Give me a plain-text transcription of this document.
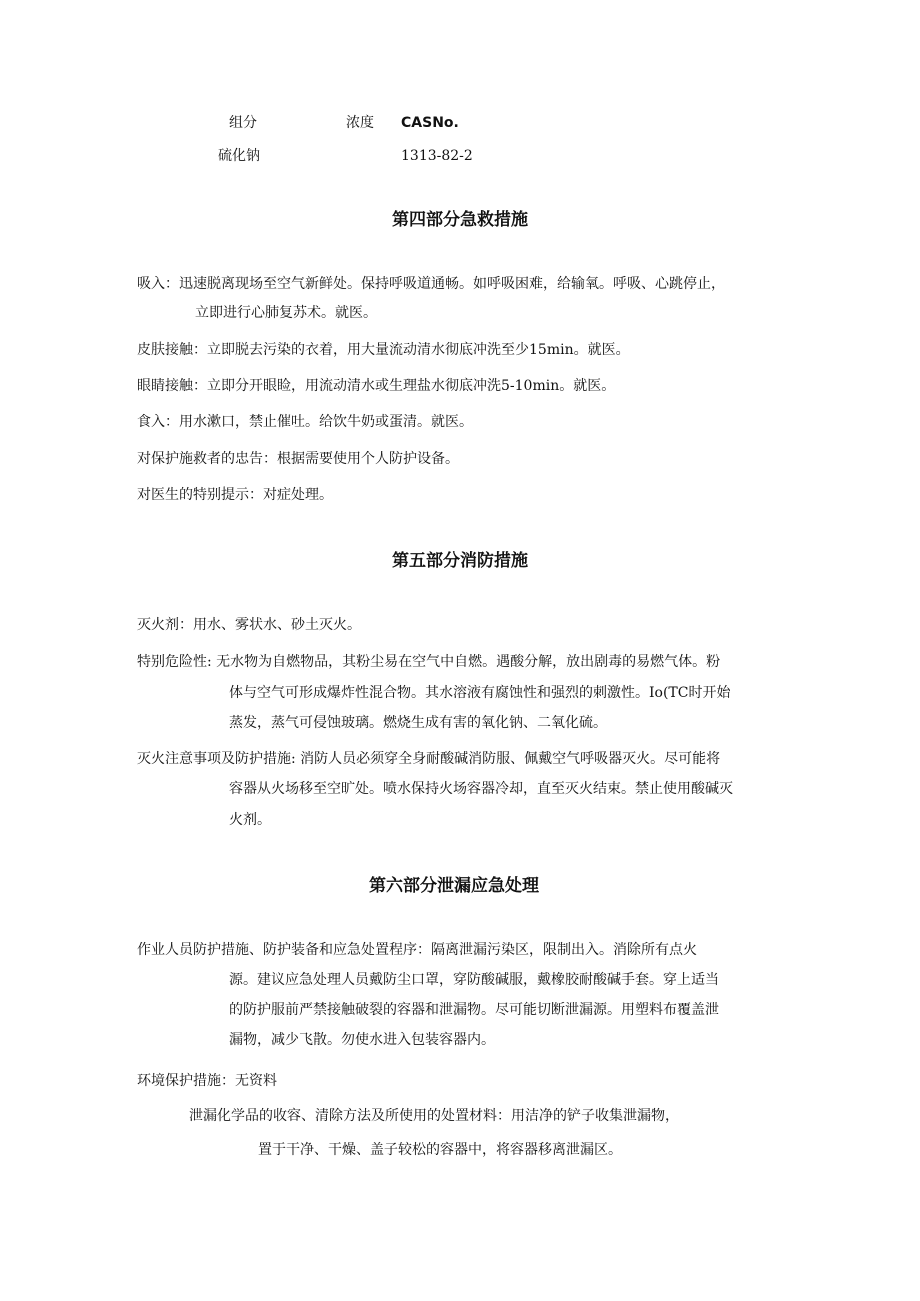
组分	浓度 CASNo.
硫化钠	1313-82-2
第四部分急救措施
吸入：迅速脱离现场至空气新鲜处。保持呼吸道通畅。如呼吸困难，给输氧。呼吸、心跳停止，
立即进行心肺复苏术。就医。
皮肤接触：立即脱去污染的衣着，用大量流动清水彻底冲洗至少15min。就医。
眼睛接触：立即分开眼睑，用流动清水或生理盐水彻底冲洗5-10min。就医。
食入：用水漱口，禁止催吐。给饮牛奶或蛋清。就医。
对保护施救者的忠告：根据需要使用个人防护设备。
对医生的特别提示：对症处理。
第五部分消防措施
灭火剂：用水、雾状水、砂土灭火。
特别危险性: 无水物为自燃物品，其粉尘易在空气中自燃。遇酸分解，放出剧毒的易燃气体。粉
体与空气可形成爆炸性混合物。其水溶液有腐蚀性和强烈的刺激性。Io(TC时开始
蒸发，蒸气可侵蚀玻璃。燃烧生成有害的氧化钠、二氧化硫。
灭火注意事项及防护措施: 消防人员必须穿全身耐酸碱消防服、佩戴空气呼吸器灭火。尽可能将
容器从火场移至空旷处。喷水保持火场容器冷却，直至灭火结束。禁止使用酸碱灭
火剂。
第六部分泄漏应急处理
作业人员防护措施、防护装备和应急处置程序：隔离泄漏污染区，限制出入。消除所有点火
源。建议应急处理人员戴防尘口罩，穿防酸碱服，戴橡胶耐酸碱手套。穿上适当
的防护服前严禁接触破裂的容器和泄漏物。尽可能切断泄漏源。用塑料布覆盖泄
漏物，减少飞散。勿使水进入包装容器内。
环境保护措施：无资料
泄漏化学品的收容、清除方法及所使用的处置材料：用洁净的铲子收集泄漏物，
置于干净、干燥、盖子较松的容器中，将容器移离泄漏区。
